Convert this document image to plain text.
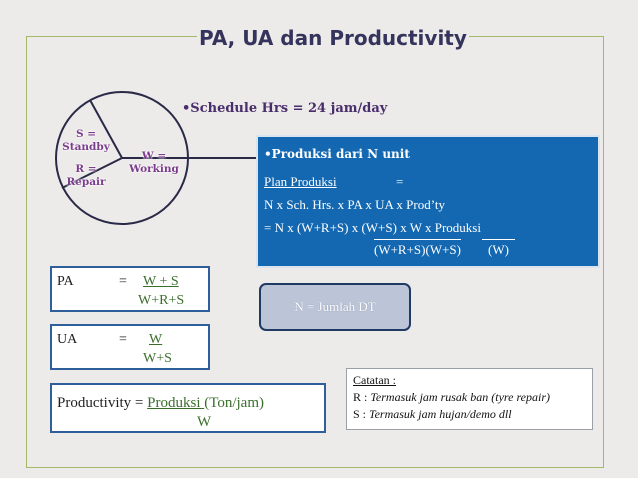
PA, UA dan Productivity
•Schedule Hrs = 24 jam/day
S =
Standby
R =
Repair
W =
Working
•Produksi dari N unit
Plan Produksi	=
N x Sch. Hrs. x PA x UA x Prod’ty
= N x (W+R+S) x (W+S) x W x Produksi
(W+R+S)(W+S)	(W)
PA	= W + S
W+R+S
UA	= W
W+S
Productivity = Produksi (Ton/jam)
W
N = Jumlah DT
Catatan :
R : Termasuk jam rusak ban (tyre repair)
S : Termasuk jam hujan/demo dll
